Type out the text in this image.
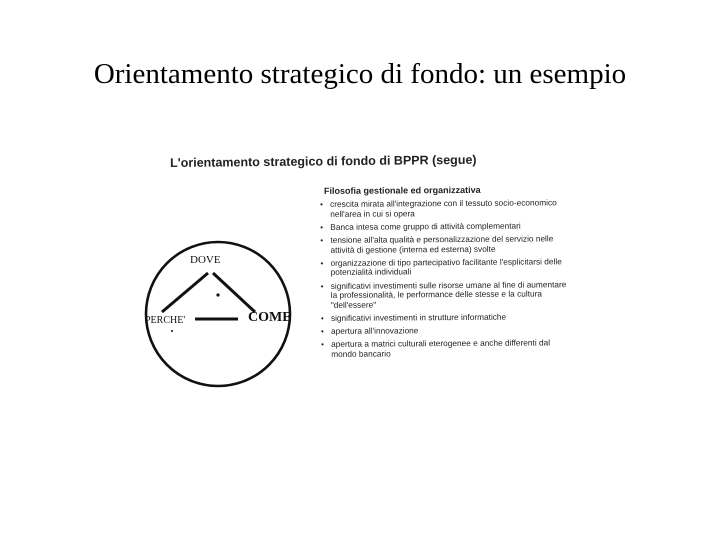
Orientamento strategico di fondo: un esempio
L'orientamento strategico di fondo di BPPR (segue)
DOVE
PERCHE'	COME
Filosofia gestionale ed organizzativa
• crescita mirata all'integrazione con il tessuto socio-economico nell'area in cui si opera
• Banca intesa come gruppo di attività complementari
• tensione all'alta qualità e personalizzazione del servizio nelle attività di gestione (interna ed esterna) svolte
• organizzazione di tipo partecipativo facilitante l'esplicitarsi delle potenzialità individuali
• significativi investimenti sulle risorse umane al fine di aumentare la professionalità, le performance delle stesse e la cultura "dell'essere"
• significativi investimenti in strutture informatiche
• apertura all'innovazione
• apertura a matrici culturali eterogenee e anche differenti dal mondo bancario
